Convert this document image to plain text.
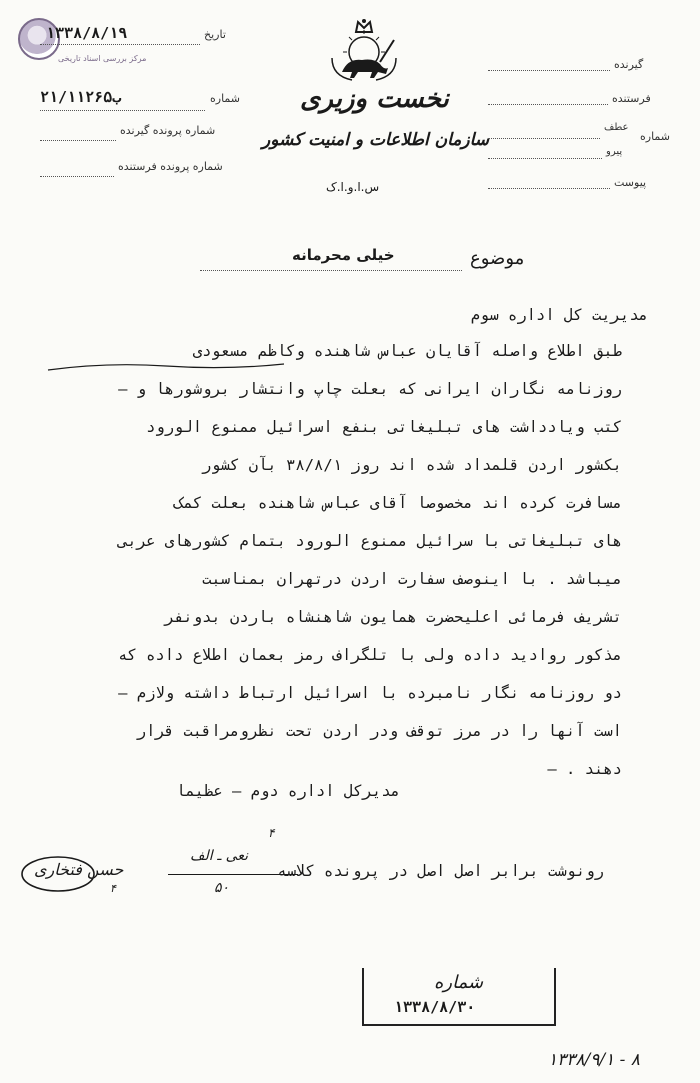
مرکز بررسی اسناد تاریخی
تاریخ
۱۳۳۸/۸/۱۹
شماره
۲ب۱/۱۱۲۶۵
شماره پرونده گیرنده
شماره پرونده فرستنده
نخست وزیری
سازمان اطلاعات و امنیت کشور
س.ا.و.ا.ک
گیرنده
فرستنده
شماره
عطف
پیرو
پیوست
موضوع
خیلی محرمانه
مدیریت کل اداره سوم
طبق اطلاع واصله آقایان عباس شاهنده وکاظم مسعودی
روزنامه نگاران ایرانی که بعلت چاپ وانتشار بروشورها و —
کتب ویادداشت های تبلیغاتی بنفع اسرائیل ممنوع الورود
بکشور اردن قلمداد شده اند روز ۳۸/۸/۱ بآن کشور
مسافرت کرده اند مخصوصا آقای عباس شاهنده بعلت کمک
های تبلیغاتی با سرائیل ممنوع الورود بتمام کشورهای عربی
میباشد . با اینوصف سفارت اردن درتهران بمناسبت
تشریف فرمائی اعلیحضرت همایون شاهنشاه باردن بدونفر
مذکور روادید داده ولی با تلگراف رمز بعمان اطلاع داده که
دو روزنامه نگار نامبرده با اسرائیل ارتباط داشته ولازم —
است آنها را در مرز توقف ودر اردن تحت نظرومراقبت قرار
دهند . —
مدیرکل اداره دوم — عظیما
رونوشت برابر اصل اصل در پرونده کلاسه
نعی ـ الف
۵۰
۴
حسن فتخاری
۴
شماره
۱۳۳۸/۸/۳۰
۱۳۳۸/۹/۱ - ۸
